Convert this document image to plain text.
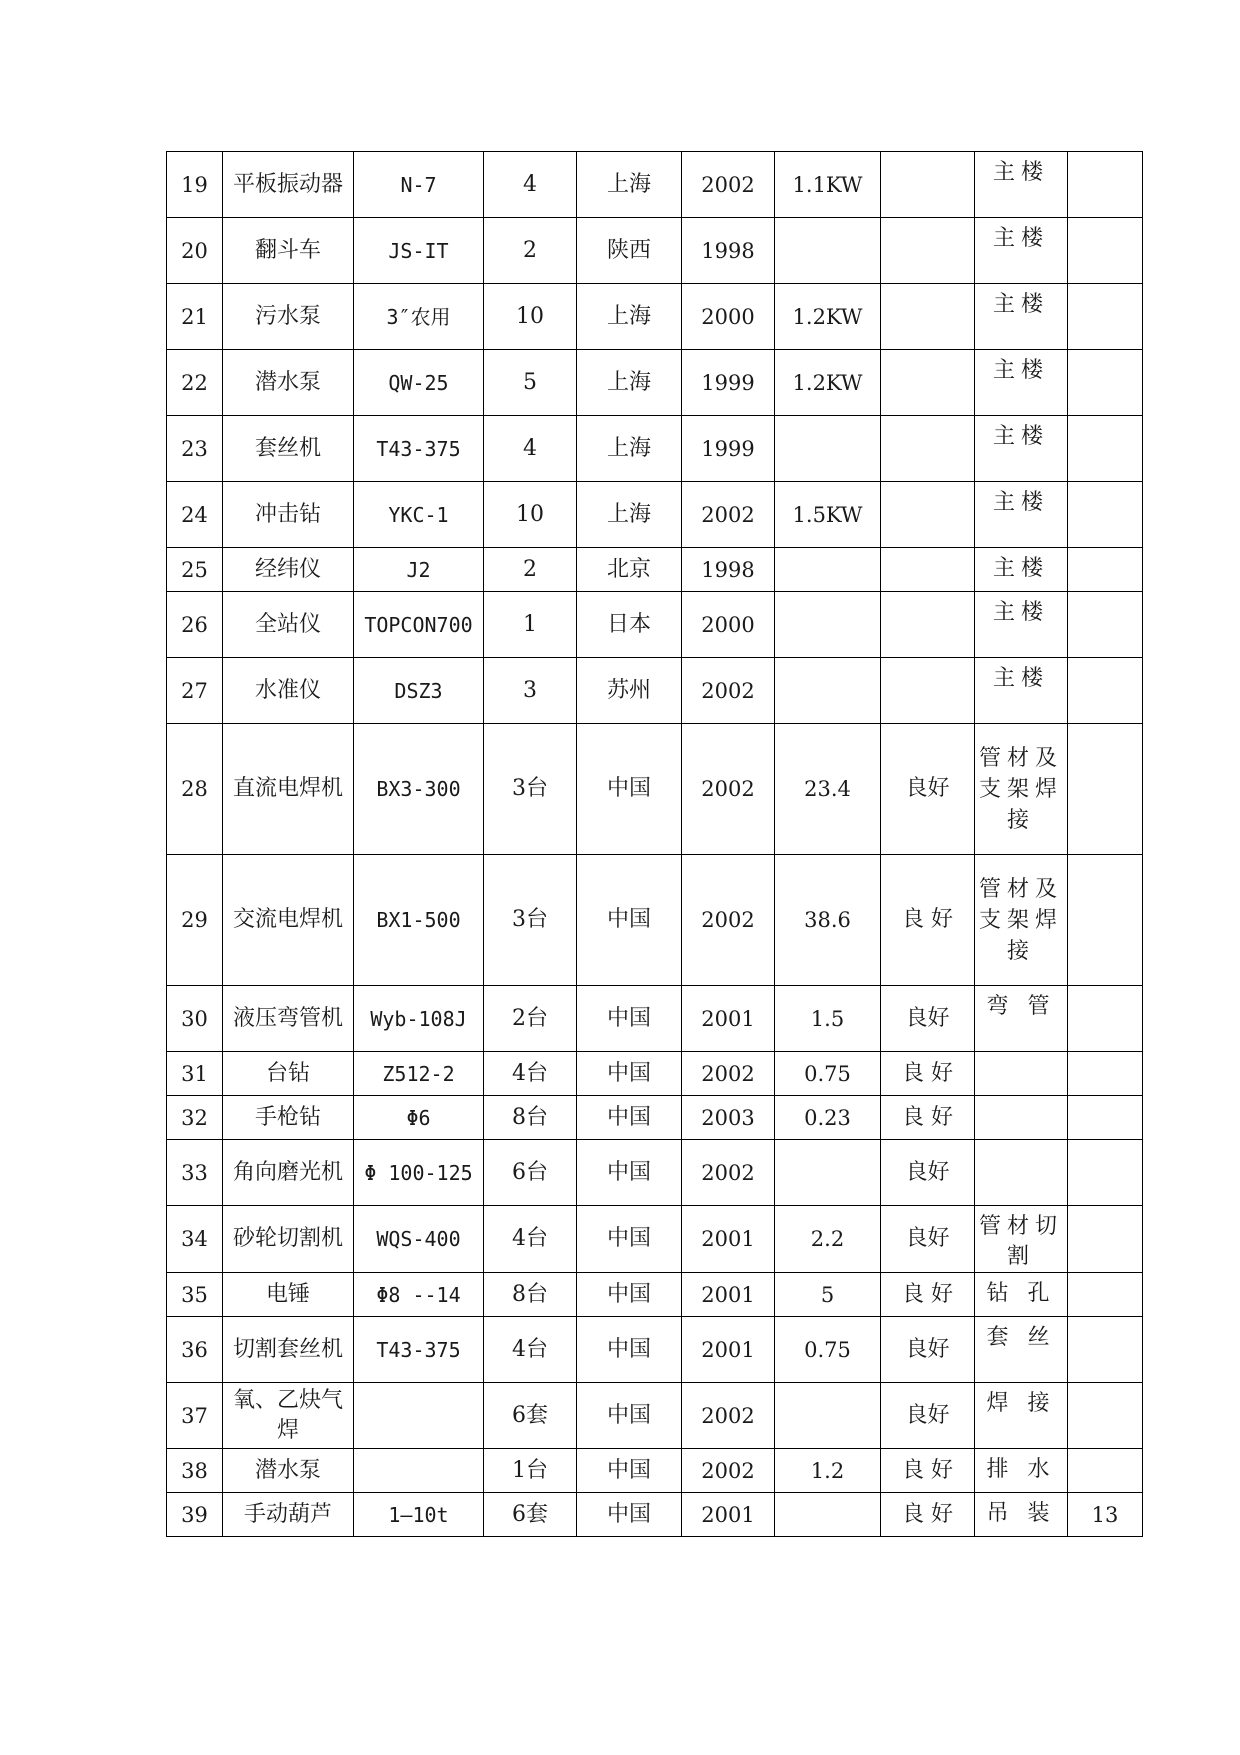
19	平板振动器	N-7	4	上海	2002	1.1KW		主楼	
20	翻斗车	JS-IT	2	陕西	1998			主楼	
21	污水泵	3″农用	10	上海	2000	1.2KW		主楼	
22	潜水泵	QW-25	5	上海	1999	1.2KW		主楼	
23	套丝机	T43-375	4	上海	1999			主楼	
24	冲击钻	YKC-1	10	上海	2002	1.5KW		主楼	
25	经纬仪	J2	2	北京	1998			主楼	
26	全站仪	TOPCON700	1	日本	2000			主楼	
27	水准仪	DSZ3	3	苏州	2002			主楼	
28	直流电焊机	BX3-300	3台	中国	2002	23.4	良好	管材及支架焊接	
29	交流电焊机	BX1-500	3台	中国	2002	38.6	良 好	管材及支架焊接	
30	液压弯管机	Wyb-108J	2台	中国	2001	1.5	良好	弯 管	
31	台钻	Z512-2	4台	中国	2002	0.75	良 好		
32	手枪钻	Φ6	8台	中国	2003	0.23	良 好		
33	角向磨光机	Φ 100-125	6台	中国	2002		良好		
34	砂轮切割机	WQS-400	4台	中国	2001	2.2	良好	管材切割	
35	电锤	Φ8 --14	8台	中国	2001	5	良 好	钻 孔	
36	切割套丝机	T43-375	4台	中国	2001	0.75	良好	套 丝	
37	氧、乙炔气焊		6套	中国	2002		良好	焊 接	
38	潜水泵		1台	中国	2002	1.2	良 好	排 水	
39	手动葫芦	1—10t	6套	中国	2001		良 好	吊 装	13
